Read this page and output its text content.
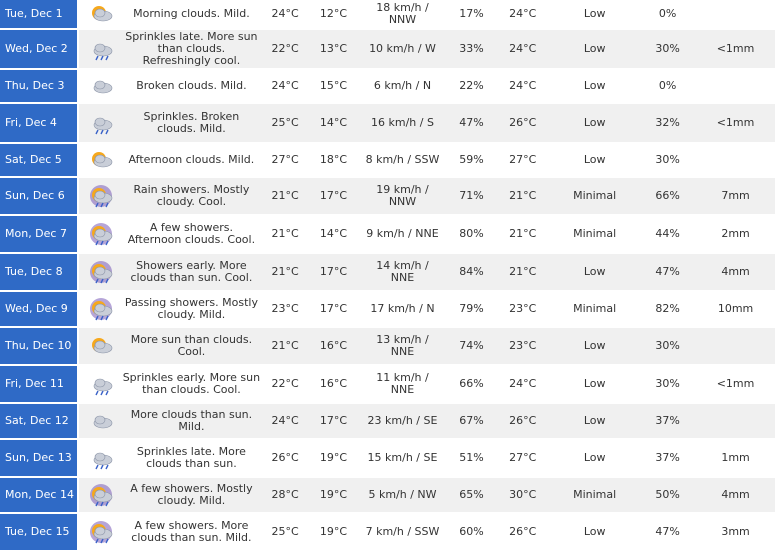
Tue, Dec 1		Morning clouds. Mild.	24°C	12°C	18 km/h / NNW	17%	24°C	Low	0%	
Wed, Dec 2		Sprinkles late. More sun than clouds. Refreshingly cool.	22°C	13°C	10 km/h / W	33%	24°C	Low	30%	<1mm
Thu, Dec 3		Broken clouds. Mild.	24°C	15°C	6 km/h / N	22%	24°C	Low	0%	
Fri, Dec 4		Sprinkles. Broken clouds. Mild.	25°C	14°C	16 km/h / S	47%	26°C	Low	32%	<1mm
Sat, Dec 5		Afternoon clouds. Mild.	27°C	18°C	8 km/h / SSW	59%	27°C	Low	30%	
Sun, Dec 6		Rain showers. Mostly cloudy. Cool.	21°C	17°C	19 km/h / NNW	71%	21°C	Minimal	66%	7mm
Mon, Dec 7		A few showers. Afternoon clouds. Cool.	21°C	14°C	9 km/h / NNE	80%	21°C	Minimal	44%	2mm
Tue, Dec 8		Showers early. More clouds than sun. Cool.	21°C	17°C	14 km/h / NNE	84%	21°C	Low	47%	4mm
Wed, Dec 9		Passing showers. Mostly cloudy. Mild.	23°C	17°C	17 km/h / N	79%	23°C	Minimal	82%	10mm
Thu, Dec 10		More sun than clouds. Cool.	21°C	16°C	13 km/h / NNE	74%	23°C	Low	30%	
Fri, Dec 11		Sprinkles early. More sun than clouds. Cool.	22°C	16°C	11 km/h / NNE	66%	24°C	Low	30%	<1mm
Sat, Dec 12		More clouds than sun. Mild.	24°C	17°C	23 km/h / SE	67%	26°C	Low	37%	
Sun, Dec 13		Sprinkles late. More clouds than sun.	26°C	19°C	15 km/h / SE	51%	27°C	Low	37%	1mm
Mon, Dec 14		A few showers. Mostly cloudy. Mild.	28°C	19°C	5 km/h / NW	65%	30°C	Minimal	50%	4mm
Tue, Dec 15		A few showers. More clouds than sun. Mild.	25°C	19°C	7 km/h / SSW	60%	26°C	Low	47%	3mm
